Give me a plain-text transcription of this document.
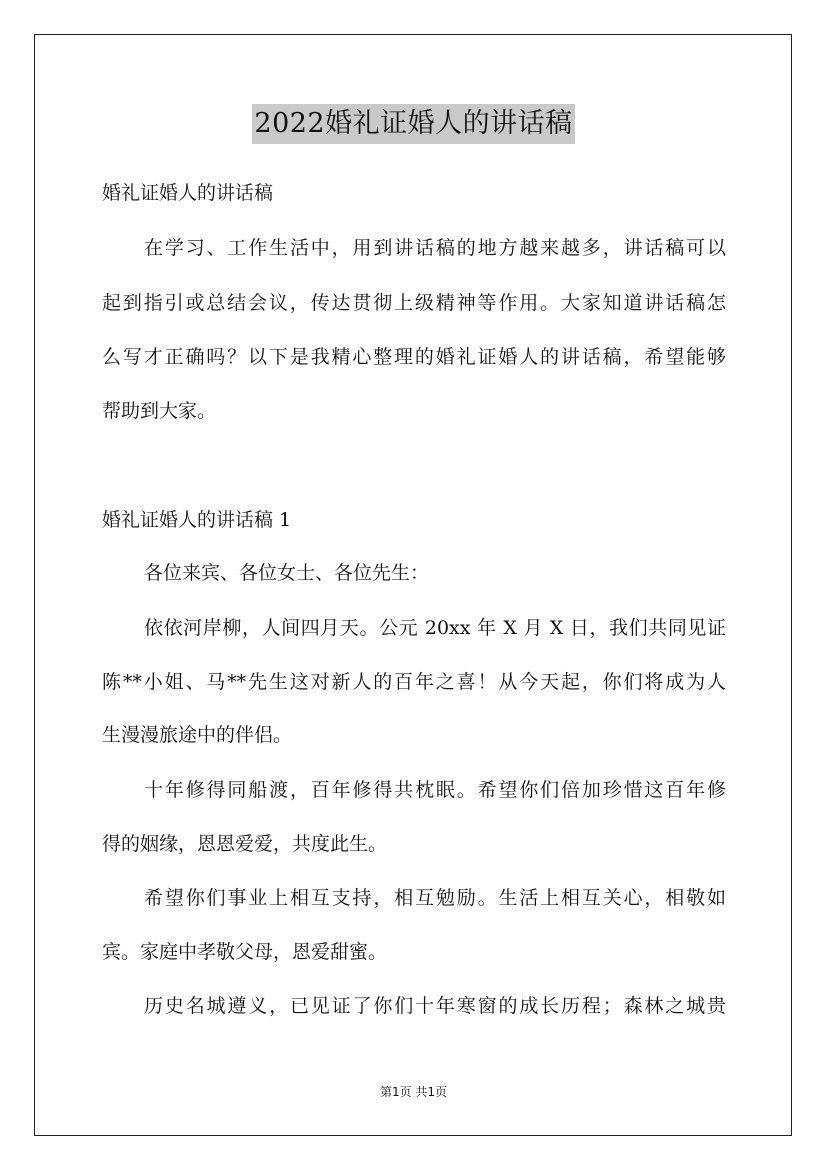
2022婚礼证婚人的讲话稿
婚礼证婚人的讲话稿
在学习、工作生活中，用到讲话稿的地方越来越多，讲话稿可以
起到指引或总结会议，传达贯彻上级精神等作用。大家知道讲话稿怎
么写才正确吗？以下是我精心整理的婚礼证婚人的讲话稿，希望能够
帮助到大家。
婚礼证婚人的讲话稿 1
各位来宾、各位女士、各位先生：
依依河岸柳，人间四月天。公元 20xx 年 X 月 X 日，我们共同见证
陈**小姐、马**先生这对新人的百年之喜！从今天起，你们将成为人
生漫漫旅途中的伴侣。
十年修得同船渡，百年修得共枕眠。希望你们倍加珍惜这百年修
得的姻缘，恩恩爱爱，共度此生。
希望你们事业上相互支持，相互勉励。生活上相互关心，相敬如
宾。家庭中孝敬父母，恩爱甜蜜。
历史名城遵义，已见证了你们十年寒窗的成长历程；森林之城贵
第1页 共1页
